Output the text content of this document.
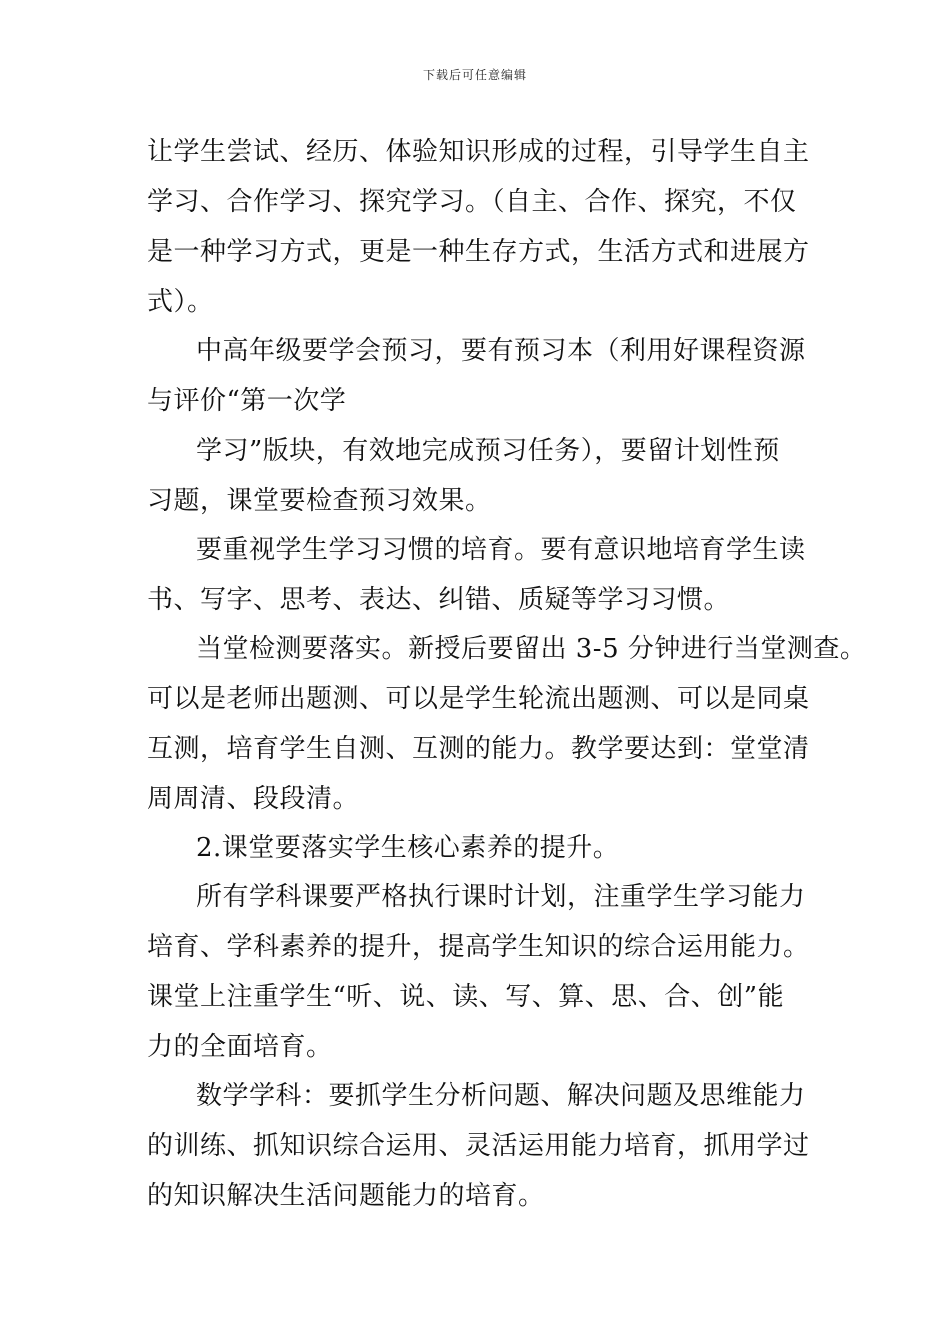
下载后可任意编辑
让学生尝试、经历、体验知识形成的过程，引导学生自主
学习、合作学习、探究学习。（自主、合作、探究，不仅
是一种学习方式，更是一种生存方式，生活方式和进展方
式）。
中高年级要学会预习，要有预习本（利用好课程资源
与评价“第一次学
学习”版块，有效地完成预习任务），要留计划性预
习题，课堂要检查预习效果。
要重视学生学习习惯的培育。要有意识地培育学生读
书、写字、思考、表达、纠错、质疑等学习习惯。
当堂检测要落实。新授后要留出 3-5 分钟进行当堂测查。
可以是老师出题测、可以是学生轮流出题测、可以是同桌
互测，培育学生自测、互测的能力。教学要达到：堂堂清
周周清、段段清。
2.课堂要落实学生核心素养的提升。
所有学科课要严格执行课时计划，注重学生学习能力
培育、学科素养的提升，提高学生知识的综合运用能力。
课堂上注重学生“听、说、读、写、算、思、合、创”能
力的全面培育。
数学学科：要抓学生分析问题、解决问题及思维能力
的训练、抓知识综合运用、灵活运用能力培育，抓用学过
的知识解决生活问题能力的培育。
